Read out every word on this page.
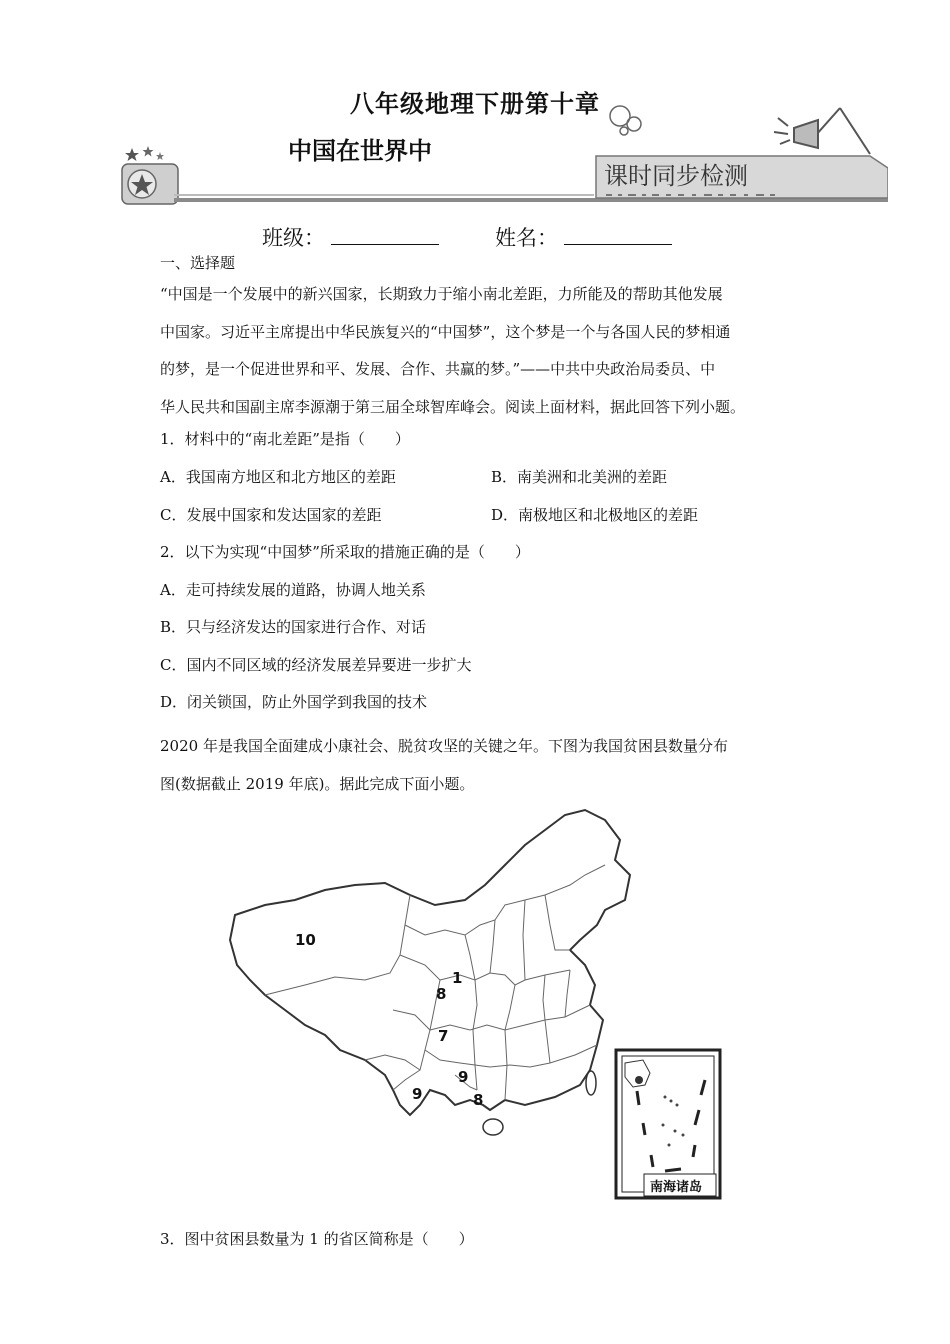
课时同步检测
八年级地理下册第十章
中国在世界中
班级：	姓名：
一、选择题
“中国是一个发展中的新兴国家，长期致力于缩小南北差距，力所能及的帮助其他发展
中国家。习近平主席提出中华民族复兴的“中国梦”，这个梦是一个与各国人民的梦相通
的梦，是一个促进世界和平、发展、合作、共赢的梦。”——中共中央政治局委员、中
华人民共和国副主席李源潮于第三届全球智库峰会。阅读上面材料，据此回答下列小题。
1．材料中的“南北差距”是指（　　）
A．我国南方地区和北方地区的差距	B．南美洲和北美洲的差距
C．发展中国家和发达国家的差距	D．南极地区和北极地区的差距
2．以下为实现“中国梦”所采取的措施正确的是（　　）
A．走可持续发展的道路，协调人地关系
B．只与经济发达的国家进行合作、对话
C．国内不同区域的经济发展差异要进一步扩大
D．闭关锁国，防止外国学到我国的技术
2020 年是我国全面建成小康社会、脱贫攻坚的关键之年。下图为我国贫困县数量分布
图(数据截止 2019 年底)。据此完成下面小题。
10
1
8
7
9
9
8
南海诸岛
3．图中贫困县数量为 1 的省区简称是（　　）
